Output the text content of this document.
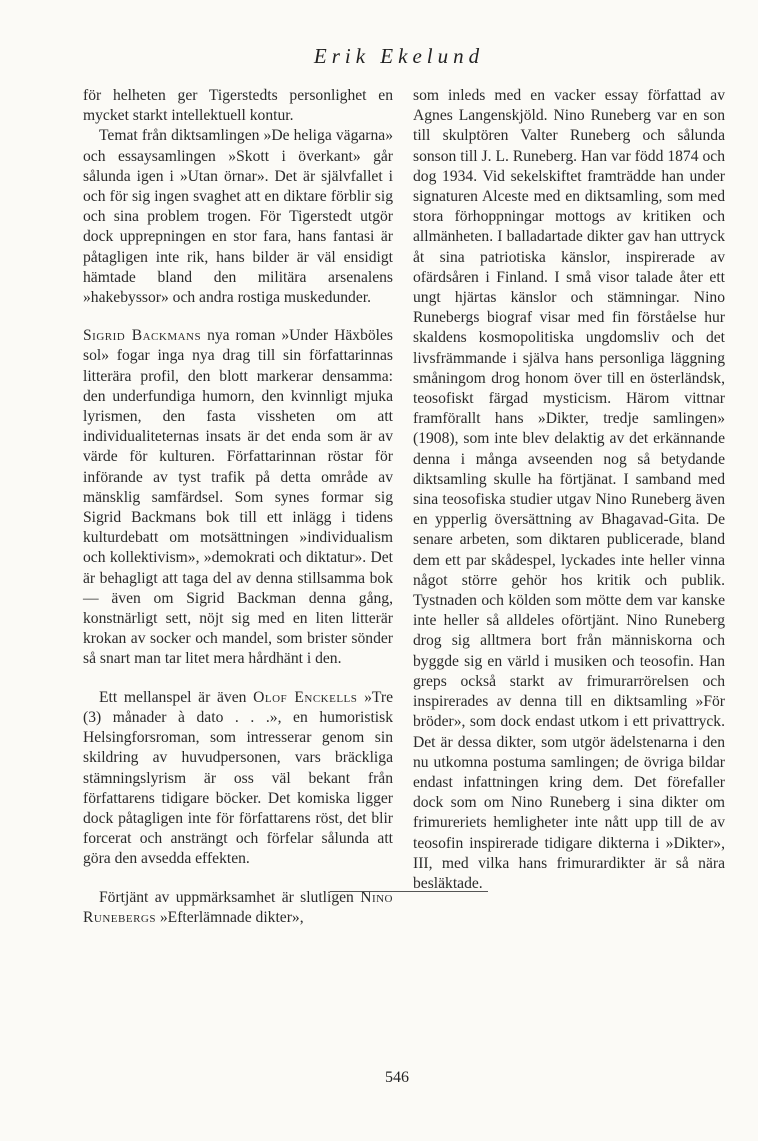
Erik Ekelund

för helheten ger Tigerstedts personlighet en mycket starkt intellektuell kontur.

Temat från diktsamlingen »De heliga vägarna» och essaysamlingen »Skott i överkant» går sålunda igen i »Utan örnar». Det är självfallet i och för sig ingen svaghet att en diktare förblir sig och sina problem trogen. För Tigerstedt utgör dock upprepningen en stor fara, hans fantasi är påtagligen inte rik, hans bilder är väl ensidigt hämtade bland den militära arsenalens »hakebyssor» och andra rostiga muskedunder.

Sigrid Backmans nya roman »Under Häxböles sol» fogar inga nya drag till sin författarinnas litterära profil, den blott markerar densamma: den underfundiga humorn, den kvinnligt mjuka lyrismen, den fasta vissheten om att individualiteternas insats är det enda som är av värde för kulturen. Författarinnan röstar för införande av tyst trafik på detta område av mänsklig samfärdsel. Som synes formar sig Sigrid Backmans bok till ett inlägg i tidens kulturdebatt om motsättningen »individualism och kollektivism», »demokrati och diktatur». Det är behagligt att taga del av denna stillsamma bok — även om Sigrid Backman denna gång, konstnärligt sett, nöjt sig med en liten litterär krokan av socker och mandel, som brister sönder så snart man tar litet mera hårdhänt i den.

Ett mellanspel är även Olof Enckells »Tre (3) månader à dato . . .», en humoristisk Helsingforsroman, som intresserar genom sin skildring av huvudpersonen, vars bräckliga stämningslyrism är oss väl bekant från författarens tidigare böcker. Det komiska ligger dock påtagligen inte för författarens röst, det blir forcerat och ansträngt och förfelar sålunda att göra den avsedda effekten.

Förtjänt av uppmärksamhet är slutligen Nino Runebergs »Efterlämnade dikter»,

som inleds med en vacker essay författad av Agnes Langenskjöld. Nino Runeberg var en son till skulptören Valter Runeberg och sålunda sonson till J. L. Runeberg. Han var född 1874 och dog 1934. Vid sekelskiftet framträdde han under signaturen Alceste med en diktsamling, som med stora förhoppningar mottogs av kritiken och allmänheten. I balladartade dikter gav han uttryck åt sina patriotiska känslor, inspirerade av ofärdsåren i Finland. I små visor talade åter ett ungt hjärtas känslor och stämningar. Nino Runebergs biograf visar med fin förståelse hur skaldens kosmopolitiska ungdomsliv och det livsfrämmande i själva hans personliga läggning småningom drog honom över till en österländsk, teosofiskt färgad mysticism. Härom vittnar framförallt hans »Dikter, tredje samlingen» (1908), som inte blev delaktig av det erkännande denna i många avseenden nog så betydande diktsamling skulle ha förtjänat. I samband med sina teosofiska studier utgav Nino Runeberg även en ypperlig översättning av Bhagavad-Gita. De senare arbeten, som diktaren publicerade, bland dem ett par skådespel, lyckades inte heller vinna något större gehör hos kritik och publik. Tystnaden och kölden som mötte dem var kanske inte heller så alldeles oförtjänt. Nino Runeberg drog sig alltmera bort från människorna och byggde sig en värld i musiken och teosofin. Han greps också starkt av frimurarrörelsen och inspirerades av denna till en diktsamling »För bröder», som dock endast utkom i ett privattryck. Det är dessa dikter, som utgör ädelstenarna i den nu utkomna postuma samlingen; de övriga bildar endast infattningen kring dem. Det förefaller dock som om Nino Runeberg i sina dikter om frimureriets hemligheter inte nått upp till de av teosofin inspirerade tidigare dikterna i »Dikter», III, med vilka hans frimurardikter är så nära besläktade.

546
